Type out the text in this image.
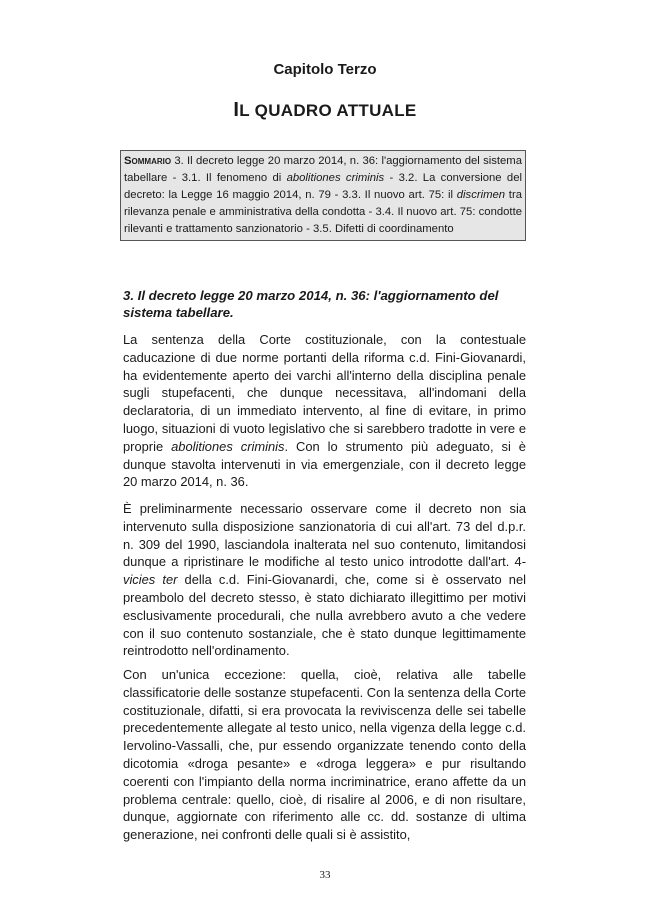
Capitolo Terzo
IL QUADRO ATTUALE
Sommario 3. Il decreto legge 20 marzo 2014, n. 36: l'aggiornamento del sistema tabellare - 3.1. Il fenomeno di abolitiones criminis - 3.2. La conversione del decreto: la Legge 16 maggio 2014, n. 79 - 3.3. Il nuovo art. 75: il discrimen tra rilevanza penale e amministrativa della condotta - 3.4. Il nuovo art. 75: condotte rilevanti e trattamento sanzionatorio - 3.5. Difetti di coordinamento
3. Il decreto legge 20 marzo 2014, n. 36: l'aggiornamento del sistema tabellare.

La sentenza della Corte costituzionale, con la contestuale caducazione di due norme portanti della riforma c.d. Fini-Giovanardi, ha evidentemente aperto dei varchi all'interno della disciplina penale sugli stupefacenti, che dunque necessitava, all'indomani della declaratoria, di un immediato intervento, al fine di evitare, in primo luogo, situazioni di vuoto legislativo che si sarebbero tradotte in vere e proprie abolitiones criminis. Con lo strumento più adeguato, si è dunque stavolta intervenuti in via emergenziale, con il decreto legge 20 marzo 2014, n. 36.

È preliminarmente necessario osservare come il decreto non sia intervenuto sulla disposizione sanzionatoria di cui all'art. 73 del d.p.r. n. 309 del 1990, lasciandola inalterata nel suo contenuto, limitandosi dunque a ripristinare le modifiche al testo unico introdotte dall'art. 4-vicies ter della c.d. Fini-Giovanardi, che, come si è osservato nel preambolo del decreto stesso, è stato dichiarato illegittimo per motivi esclusivamente procedurali, che nulla avrebbero avuto a che vedere con il suo contenuto sostanziale, che è stato dunque legittimamente reintrodotto nell'ordinamento.

Con un'unica eccezione: quella, cioè, relativa alle tabelle classificatorie delle sostanze stupefacenti. Con la sentenza della Corte costituzionale, difatti, si era provocata la reviviscenza delle sei tabelle precedentemente allegate al testo unico, nella vigenza della legge c.d. Iervolino-Vassalli, che, pur essendo organizzate tenendo conto della dicotomia «droga pesante» e «droga leggera» e pur risultando coerenti con l'impianto della norma incriminatrice, erano affette da un problema centrale: quello, cioè, di risalire al 2006, e di non risultare, dunque, aggiornate con riferimento alle cc. dd. sostanze di ultima generazione, nei confronti delle quali si è assistito,

33
